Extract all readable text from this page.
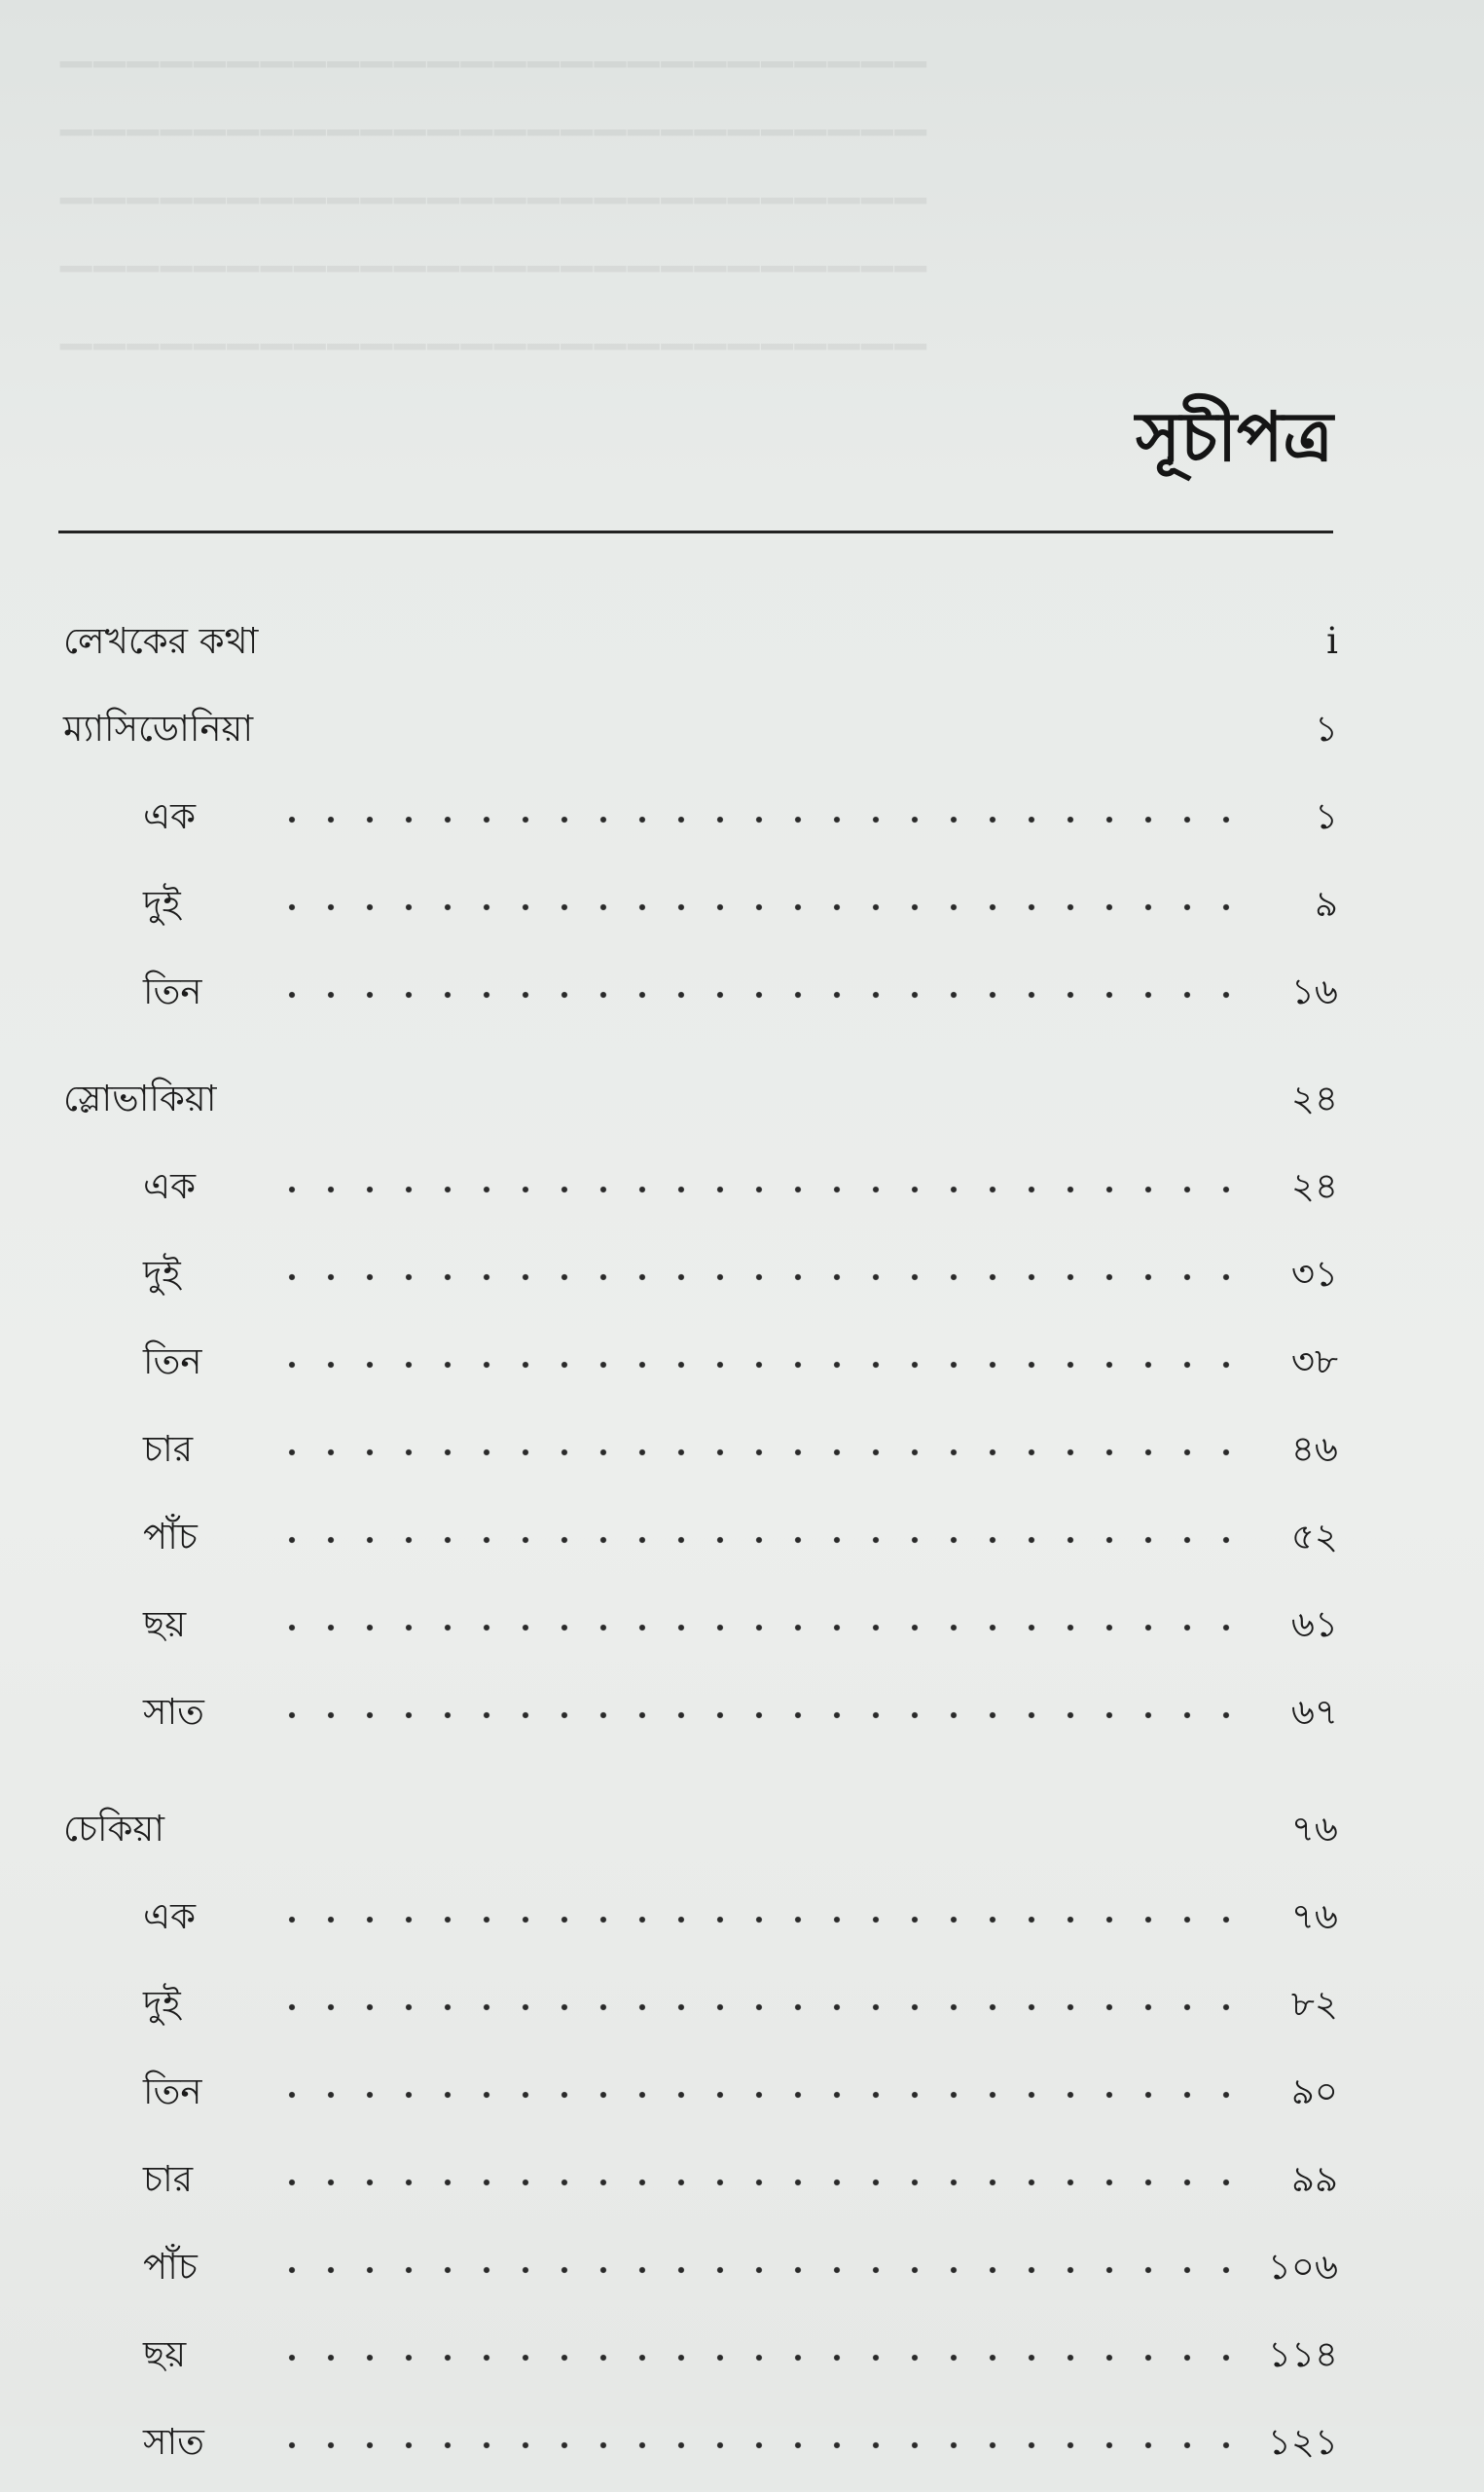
▁▁▁▁▁▁▁▁▁▁▁▁▁▁▁▁▁▁▁▁▁▁▁▁▁▁
▁▁▁▁▁▁▁▁▁▁▁▁▁▁▁▁▁▁▁▁▁▁▁▁▁▁
▁▁▁▁▁▁▁▁▁▁▁▁▁▁▁▁▁▁▁▁▁▁▁▁▁▁
▁▁▁▁▁▁▁▁▁▁▁▁▁▁▁▁▁▁▁▁▁▁▁▁▁▁
▁▁▁▁▁▁▁▁▁▁▁▁▁▁▁▁▁▁▁▁▁▁▁▁▁▁
সূচীপত্র
লেখকের কথা	i
ম্যাসিডোনিয়া	১
এক	১
দুই	৯
তিন	১৬
স্লোভাকিয়া	২৪
এক	২৪
দুই	৩১
তিন	৩৮
চার	৪৬
পাঁচ	৫২
ছয়	৬১
সাত	৬৭
চেকিয়া	৭৬
এক	৭৬
দুই	৮২
তিন	৯০
চার	৯৯
পাঁচ	১০৬
ছয়	১১৪
সাত	১২১
